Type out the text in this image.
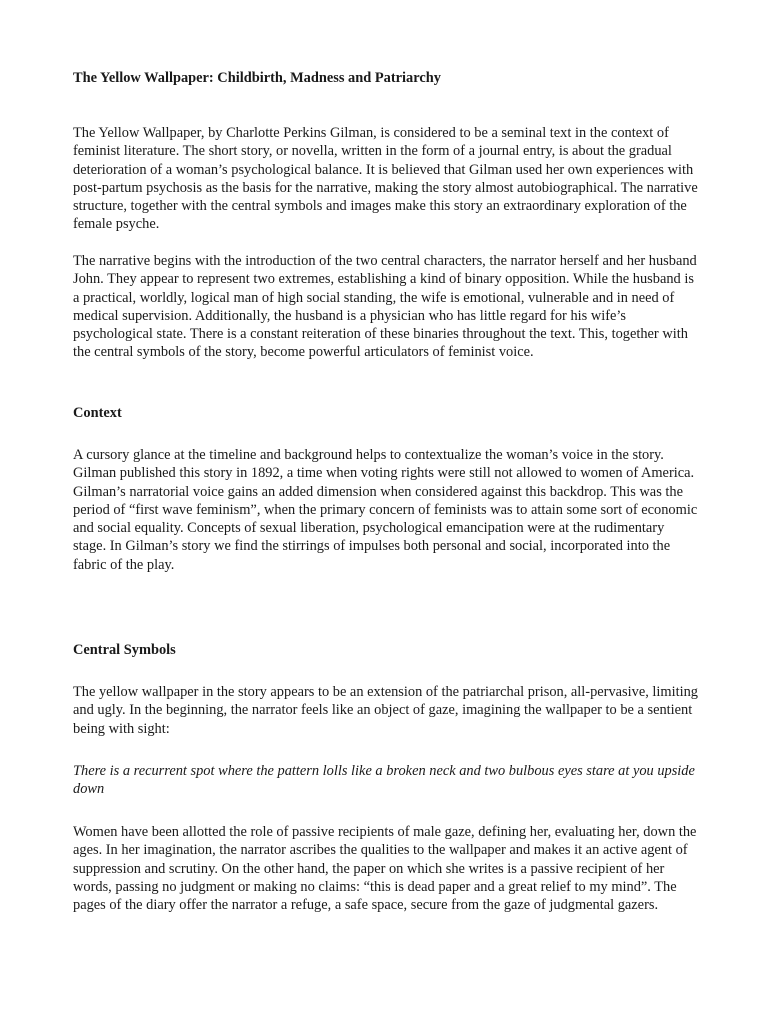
The Yellow Wallpaper: Childbirth, Madness and Patriarchy

The Yellow Wallpaper, by Charlotte Perkins Gilman, is considered to be a seminal text in the context of feminist literature. The short story, or novella, written in the form of a journal entry, is about the gradual deterioration of a woman’s psychological balance. It is believed that Gilman used her own experiences with post-partum psychosis as the basis for the narrative, making the story almost autobiographical. The narrative structure, together with the central symbols and images make this story an extraordinary exploration of the female psyche.

The narrative begins with the introduction of the two central characters, the narrator herself and her husband John. They appear to represent two extremes, establishing a kind of binary opposition. While the husband is a practical, worldly, logical man of high social standing, the wife is emotional, vulnerable and in need of medical supervision. Additionally, the husband is a physician who has little regard for his wife’s psychological state. There is a constant reiteration of these binaries throughout the text. This, together with the central symbols of the story, become powerful articulators of feminist voice.

Context

A cursory glance at the timeline and background helps to contextualize the woman’s voice in the story. Gilman published this story in 1892, a time when voting rights were still not allowed to women of America. Gilman’s narratorial voice gains an added dimension when considered against this backdrop. This was the period of “first wave feminism”, when the primary concern of feminists was to attain some sort of economic and social equality. Concepts of sexual liberation, psychological emancipation were at the rudimentary stage. In Gilman’s story we find the stirrings of impulses both personal and social, incorporated into the fabric of the play.

Central Symbols

The yellow wallpaper in the story appears to be an extension of the patriarchal prison, all-pervasive, limiting and ugly. In the beginning, the narrator feels like an object of gaze, imagining the wallpaper to be a sentient being with sight:

There is a recurrent spot where the pattern lolls like a broken neck and two bulbous eyes stare at you upside down

Women have been allotted the role of passive recipients of male gaze, defining her, evaluating her, down the ages. In her imagination, the narrator ascribes the qualities to the wallpaper and makes it an active agent of suppression and scrutiny. On the other hand, the paper on which she writes is a passive recipient of her words, passing no judgment or making no claims: “this is dead paper and a great relief to my mind”. The pages of the diary offer the narrator a refuge, a safe space, secure from the gaze of judgmental gazers.
